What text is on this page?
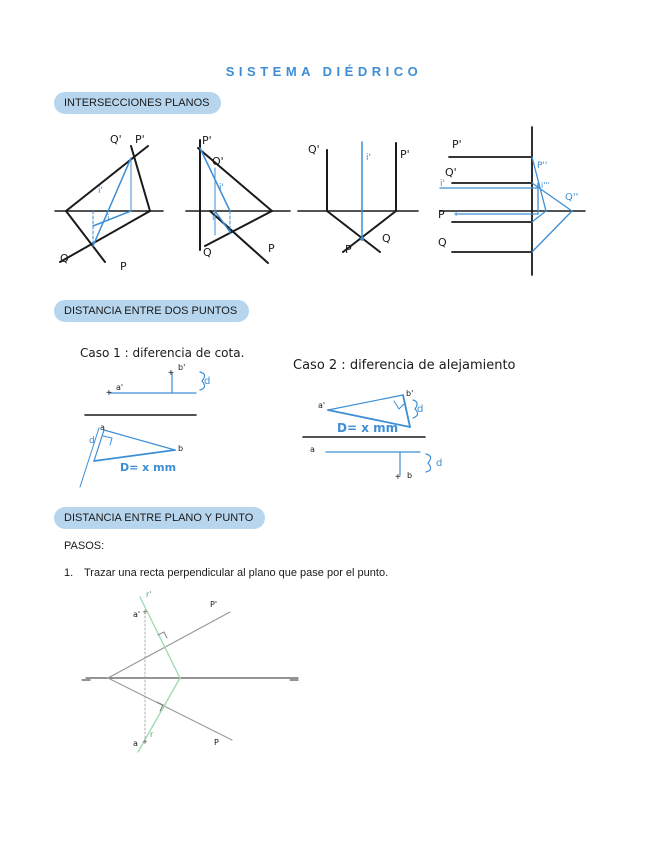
SISTEMA DIÉDRICO
INTERSECCIONES PLANOS
DISTANCIA ENTRE DOS PUNTOS
DISTANCIA ENTRE PLANO Y PUNTO
PASOS:
1. Trazar una recta perpendicular al plano que pase por el punto.
+
+
+
+
+
Q' P'
i'
i
Q
P
P'
Q'
i'
i
Q	P
Q'
i'	P'
P
Q
P'
Q'	P''
i'''
i'
Q''
P i
Q
Caso 1 : diferencia de cota.
a'
b'
d
a
b
d
D= x mm
Caso 2 : diferencia de alejamiento
a'
b'
d
D= x mm
a
b
d
r'
a'
P'
r
a	P
